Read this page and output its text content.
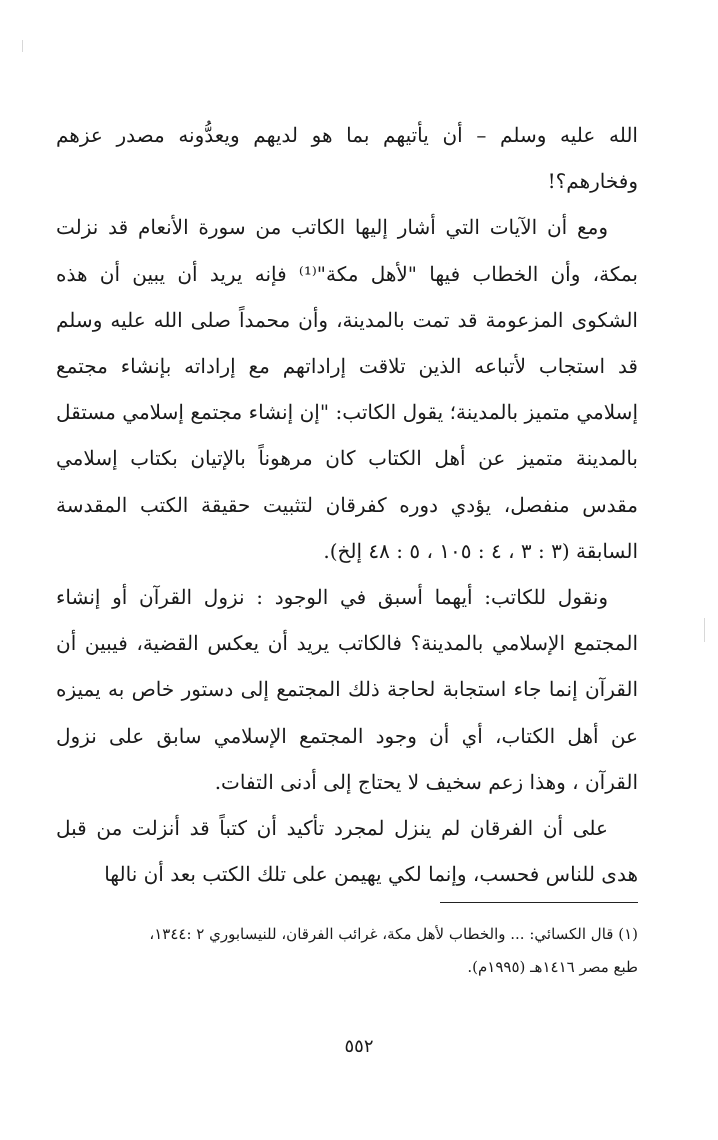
الله عليه وسلم – أن يأتيهم بما هو لديهم ويعدُّونه مصدر عزهم وفخارهم؟!

ومع أن الآيات التي أشار إليها الكاتب من سورة الأنعام قد نزلت بمكة، وأن الخطاب فيها "لأهل مكة"⁽¹⁾ فإنه يريد أن يبين أن هذه الشكوى المزعومة قد تمت بالمدينة، وأن محمداً صلى الله عليه وسلم قد استجاب لأتباعه الذين تلاقت إراداتهم مع إراداته بإنشاء مجتمع إسلامي متميز بالمدينة؛ يقول الكاتب: "إن إنشاء مجتمع إسلامي مستقل بالمدينة متميز عن أهل الكتاب كان مرهوناً بالإتيان بكتاب إسلامي مقدس منفصل، يؤدي دوره كفرقان لتثبيت حقيقة الكتب المقدسة السابقة (٣ : ٣ ، ٤ : ١٠٥ ، ٥ : ٤٨ إلخ).

ونقول للكاتب: أيهما أسبق في الوجود : نزول القرآن أو إنشاء المجتمع الإسلامي بالمدينة؟ فالكاتب يريد أن يعكس القضية، فيبين أن القرآن إنما جاء استجابة لحاجة ذلك المجتمع إلى دستور خاص به يميزه عن أهل الكتاب، أي أن وجود المجتمع الإسلامي سابق على نزول القرآن ، وهذا زعم سخيف لا يحتاج إلى أدنى التفات.

على أن الفرقان لم ينزل لمجرد تأكيد أن كتباً قد أنزلت من قبل هدى للناس فحسب، وإنما لكي يهيمن على تلك الكتب بعد أن نالها

(١) قال الكسائي: ... والخطاب لأهل مكة، غرائب الفرقان، للنيسابوري ٢ :١٣٤٤،

طبع مصر ١٤١٦هـ (١٩٩٥م).

٥٥٢
